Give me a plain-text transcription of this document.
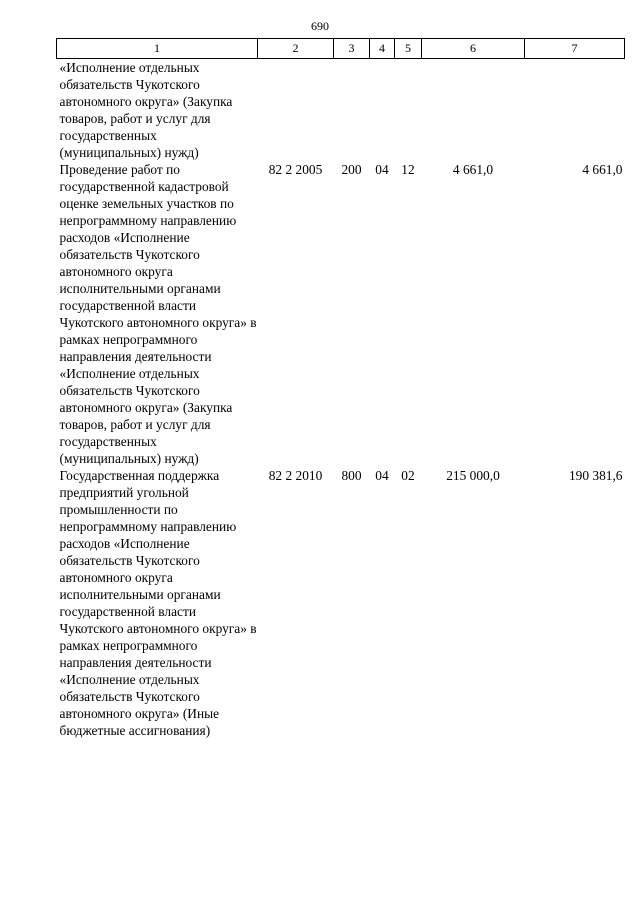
690
1	2	3	4	5	6	7
«Исполнение отдельных обязательств Чукотского автономного округа» (Закупка товаров, работ и услуг для государственных (муниципальных) нужд)						
Проведение работ по государственной кадастровой оценке земельных участков по непрограммному направлению расходов «Исполнение обязательств Чукотского автономного округа исполнительными органами государственной власти Чукотского автономного округа» в рамках непрограммного направления деятельности «Исполнение отдельных обязательств Чукотского автономного округа» (Закупка товаров, работ и услуг для государственных (муниципальных) нужд)	82 2 2005	200	04	12	4 661,0	4 661,0
Государственная поддержка предприятий угольной промышленности по непрограммному направлению расходов «Исполнение обязательств Чукотского автономного округа исполнительными органами государственной власти Чукотского автономного округа» в рамках непрограммного направления деятельности «Исполнение отдельных обязательств Чукотского автономного округа» (Иные бюджетные ассигнования)	82 2 2010	800	04	02	215 000,0	190 381,6
